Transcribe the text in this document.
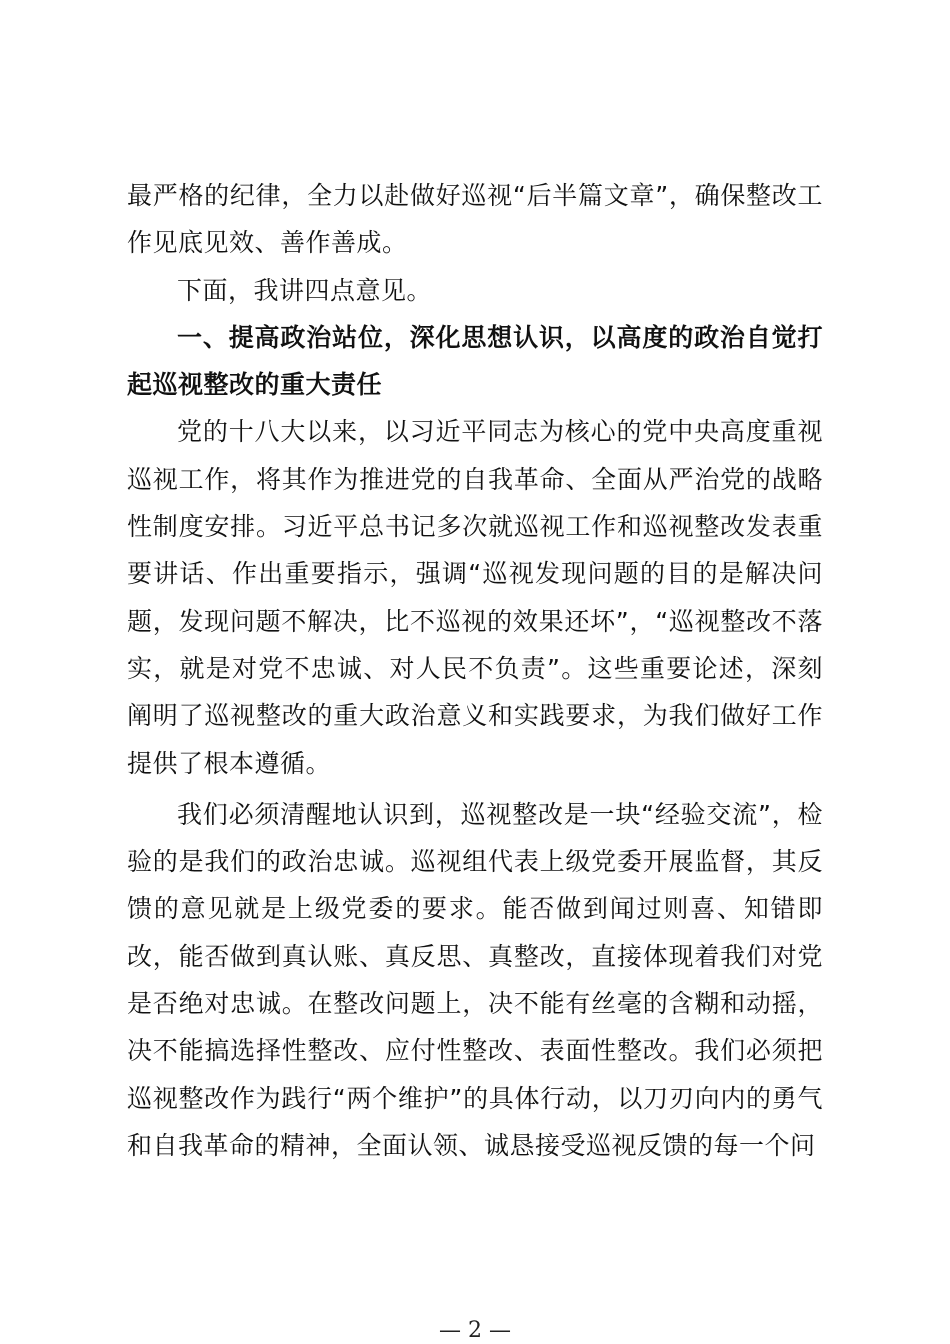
最严格的纪律，全力以赴做好巡视“后半篇文章”，确保整改工作见底见效、善作善成。

下面，我讲四点意见。

一、提高政治站位，深化思想认识，以高度的政治自觉打起巡视整改的重大责任

党的十八大以来，以习近平同志为核心的党中央高度重视巡视工作，将其作为推进党的自我革命、全面从严治党的战略性制度安排。习近平总书记多次就巡视工作和巡视整改发表重要讲话、作出重要指示，强调“巡视发现问题的目的是解决问题，发现问题不解决，比不巡视的效果还坏”，“巡视整改不落实，就是对党不忠诚、对人民不负责”。这些重要论述，深刻阐明了巡视整改的重大政治意义和实践要求，为我们做好工作提供了根本遵循。

我们必须清醒地认识到，巡视整改是一块“经验交流”，检验的是我们的政治忠诚。巡视组代表上级党委开展监督，其反馈的意见就是上级党委的要求。能否做到闻过则喜、知错即改，能否做到真认账、真反思、真整改，直接体现着我们对党是否绝对忠诚。在整改问题上，决不能有丝毫的含糊和动摇，决不能搞选择性整改、应付性整改、表面性整改。我们必须把巡视整改作为践行“两个维护”的具体行动，以刀刃向内的勇气和自我革命的精神，全面认领、诚恳接受巡视反馈的每一个问

— 2 —
